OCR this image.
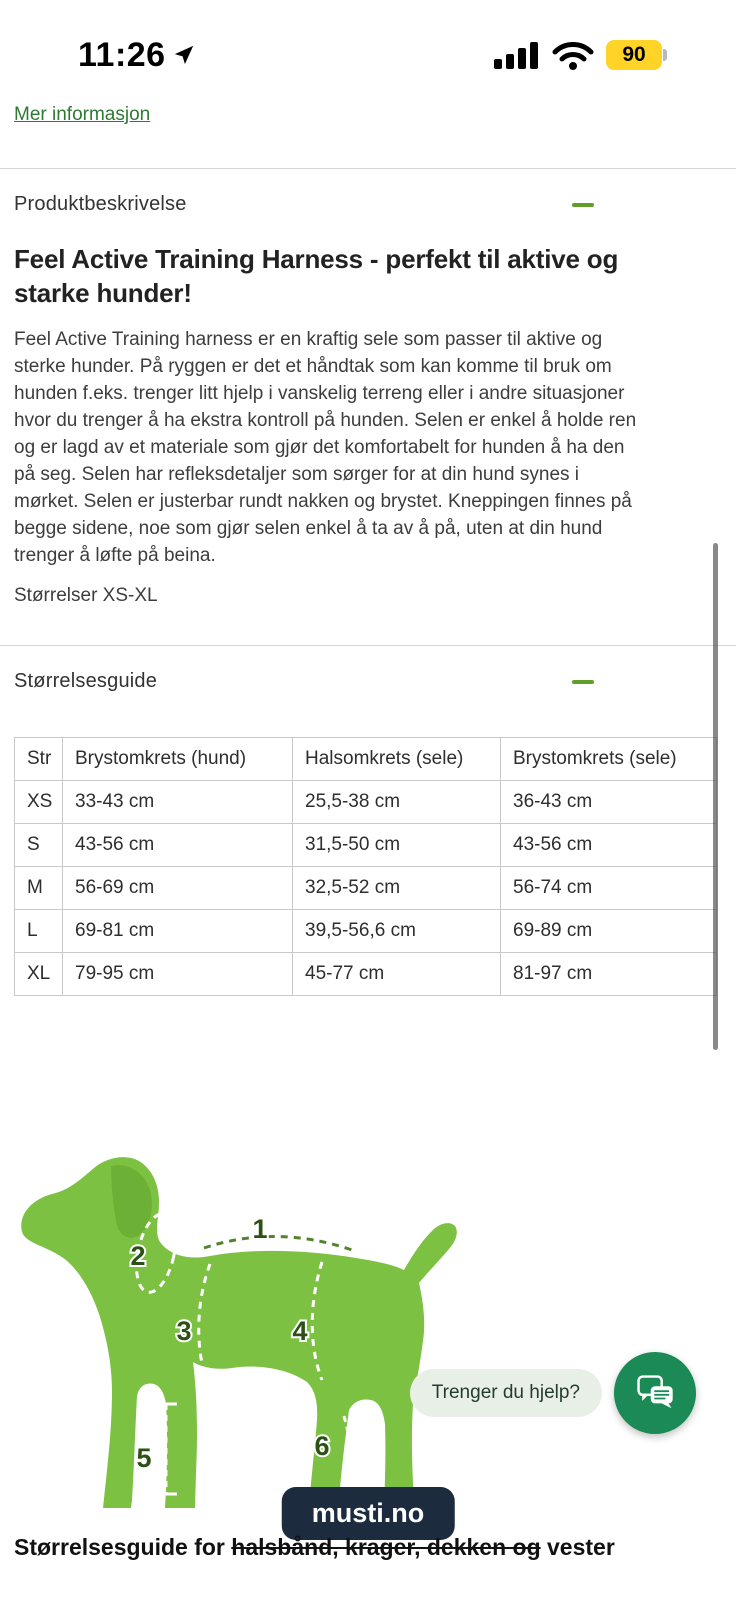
11:26	90
Mer informasjon
Produktbeskrivelse
Feel Active Training Harness - perfekt til aktive og starke hunder!

Feel Active Training harness er en kraftig sele som passer til aktive og sterke hunder. På ryggen er det et håndtak som kan komme til bruk om hunden f.eks. trenger litt hjelp i vanskelig terreng eller i andre situasjoner hvor du trenger å ha ekstra kontroll på hunden. Selen er enkel å holde ren og er lagd av et materiale som gjør det komfortabelt for hunden å ha den på seg. Selen har refleksdetaljer som sørger for at din hund synes i mørket. Selen er justerbar rundt nakken og brystet. Kneppingen finnes på begge sidene, noe som gjør selen enkel å ta av å på, uten at din hund trenger å løfte på beina.

Størrelser XS-XL

Størrelsesguide
Str	Brystomkrets (hund)	Halsomkrets (sele)	Brystomkrets (sele)
XS	33-43 cm	25,5-38 cm	36-43 cm
S	43-56 cm	31,5-50 cm	43-56 cm
M	56-69 cm	32,5-52 cm	56-74 cm
L	69-81 cm	39,5-56,6 cm	69-89 cm
XL	79-95 cm	45-77 cm	81-97 cm
1
2
3	4
5	6
Trenger du hjelp?
musti.no
Størrelsesguide for halsbånd, krager, dekken og vester
